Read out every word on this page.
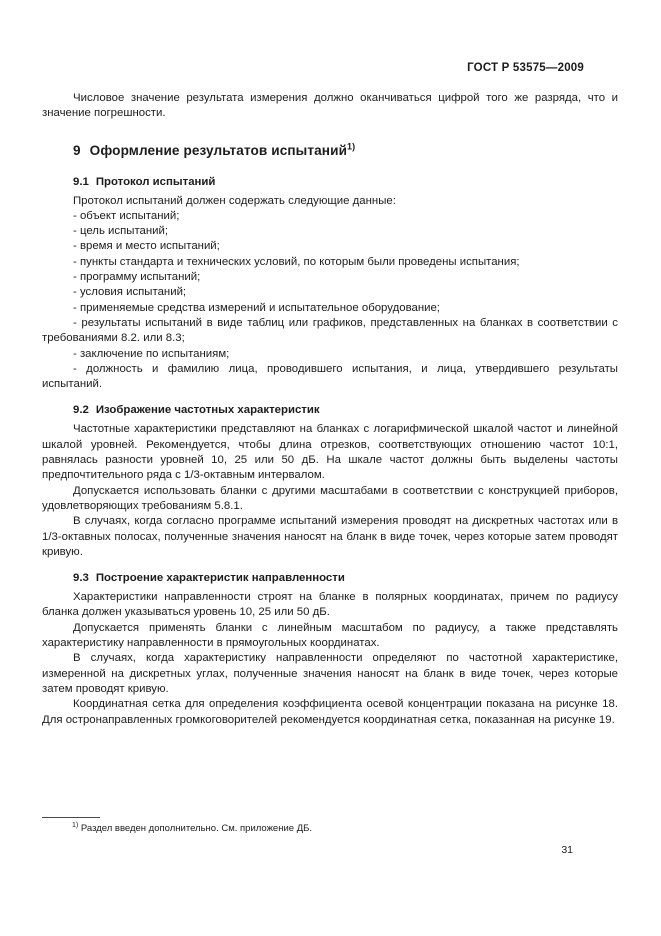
ГОСТ Р 53575—2009

Числовое значение результата измерения должно оканчиваться цифрой того же разряда, что и значение погрешности.

9 Оформление результатов испытаний$^{1)}$
9.1 Протокол испытаний
Протокол испытаний должен содержать следующие данные:
- объект испытаний;
- цель испытаний;
- время и место испытаний;
- пункты стандарта и технических условий, по которым были проведены испытания;
- программу испытаний;
- условия испытаний;
- применяемые средства измерений и испытательное оборудование;
- результаты испытаний в виде таблиц или графиков, представленных на бланках в соответствии с требованиями 8.2. или 8.3;
- заключение по испытаниям;
- должность и фамилию лица, проводившего испытания, и лица, утвердившего результаты испытаний.
9.2 Изображение частотных характеристик

Частотные характеристики представляют на бланках с логарифмической шкалой частот и линейной шкалой уровней. Рекомендуется, чтобы длина отрезков, соответствующих отношению частот 10:1, равнялась разности уровней 10, 25 или 50 дБ. На шкале частот должны быть выделены частоты предпочтительного ряда с 1/3-октавным интервалом.

Допускается использовать бланки с другими масштабами в соответствии с конструкцией приборов, удовлетворяющих требованиям 5.8.1.

В случаях, когда согласно программе испытаний измерения проводят на дискретных частотах или в 1/3-октавных полосах, полученные значения наносят на бланк в виде точек, через которые затем проводят кривую.

9.3 Построение характеристик направленности

Характеристики направленности строят на бланке в полярных координатах, причем по радиусу бланка должен указываться уровень 10, 25 или 50 дБ.

Допускается применять бланки с линейным масштабом по радиусу, а также представлять характеристику направленности в прямоугольных координатах.

В случаях, когда характеристику направленности определяют по частотной характеристике, измеренной на дискретных углах, полученные значения наносят на бланк в виде точек, через которые затем проводят кривую.

Координатная сетка для определения коэффициента осевой концентрации показана на рисунке 18. Для остронаправленных громкоговорителей рекомендуется координатная сетка, показанная на рисунке 19.

$^{1)}$ Раздел введен дополнительно. См. приложение ДБ.
31
